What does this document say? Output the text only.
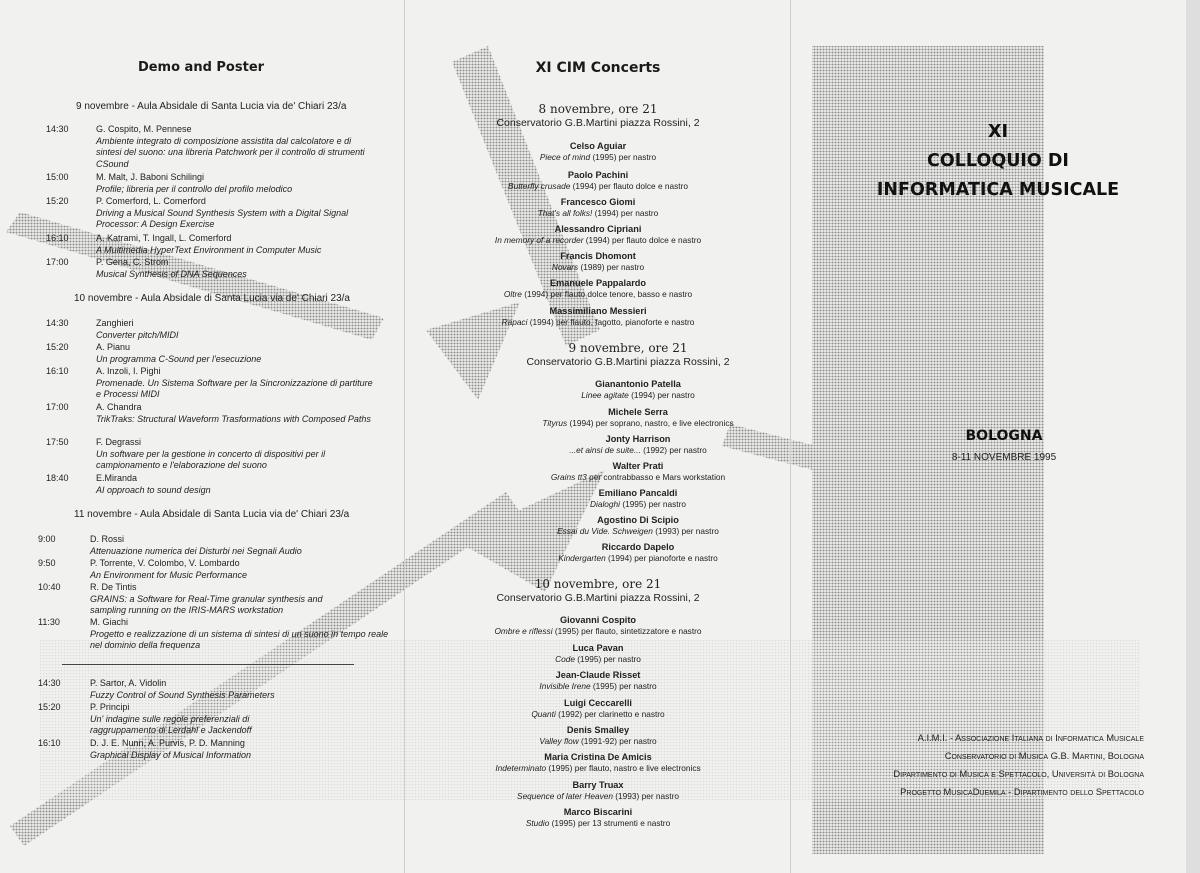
Demo and Poster

9 novembre - Aula Absidale di Santa Lucia via de' Chiari 23/a

14:30	G. Cospito, M. Pennese
Ambiente integrato di composizione assistita dal calcolatore e di sintesi del suono: una libreria Patchwork per il controllo di strumenti CSound
15:00	M. Malt, J. Baboni Schilingi
Profile; libreria per il controllo del profilo melodico
15:20	P. Comerford, L. Comerford
Driving a Musical Sound Synthesis System with a Digital Signal Processor: A Design Exercise
16:10	A. Katrami, T. Ingall, L. Comerford
A Multimedia HyperText Environment in Computer Music
17:00	P. Gena, C. Strom
Musical Synthesis of DNA Sequences

10 novembre - Aula Absidale di Santa Lucia via de' Chiari 23/a

14:30	Zanghieri
Converter pitch/MIDI
15:20	A. Pianu
Un programma C-Sound per l'esecuzione
16:10	A. Inzoli, I. Pighi
Promenade. Un Sistema Software per la Sincronizzazione di partiture e Processi MIDI
17:00	A. Chandra
TrikTraks: Structural Waveform Trasformations with Composed Paths
17:50	F. Degrassi
Un software per la gestione in concerto di dispositivi per il campionamento e l'elaborazione del suono
18:40	E.Miranda
AI opproach to sound design

11 novembre - Aula Absidale di Santa Lucia via de' Chiari 23/a

9:00	D. Rossi
Attenuazione numerica dei Disturbi nei Segnali Audio
9:50	P. Torrente, V. Colombo, V. Lombardo
An Environment for Music Performance
10:40	R. De Tintis
GRAINS: a Software for Real-Time granular synthesis and sampling running on the IRIS-MARS workstation
11:30	M. Giachi
Progetto e realizzazione di un sistema di sintesi di un suono in tempo reale nel dominio della frequenza
14:30	P. Sartor, A. Vidolin
Fuzzy Control of Sound Synthesis Parameters
15:20	P. Principi
Un' indagine sulle regole preferenziali di raggruppamento di Lerdahl e Jackendoff
16:10	D. J. E. Nunn, A. Purvis, P. D. Manning
Graphical Display of Musical Information
XI CIM Concerts
8 novembre, ore 21
Conservatorio G.B.Martini piazza Rossini, 2
Celso Aguiar
Piece of mind (1995) per nastro
Paolo Pachini
Butterfly crusade (1994) per flauto dolce e nastro
Francesco Giomi
That's all folks! (1994) per nastro
Alessandro Cipriani
In memory of a recorder (1994) per flauto dolce e nastro
Francis Dhomont
Novars (1989) per nastro
Emanuele Pappalardo
Oltre (1994) per flauto dolce tenore, basso e nastro
Massimiliano Messieri
Rapaci (1994) per flauto, fagotto, pianoforte e nastro
9 novembre, ore 21
Conservatorio G.B.Martini piazza Rossini, 2
Gianantonio Patella
Linee agitate (1994) per nastro
Michele Serra
Tityrus (1994) per soprano, nastro, e live electronics
Jonty Harrison
...et ainsi de suite... (1992) per nastro
Walter Prati
Grains tt3 per contrabbasso e Mars workstation
Emiliano Pancaldi
Dialoghi (1995) per nastro
Agostino Di Scipio
Essai du Vide. Schweigen (1993) per nastro
Riccardo Dapelo
Kindergarten (1994) per pianoforte e nastro
10 novembre, ore 21
Conservatorio G.B.Martini piazza Rossini, 2
Giovanni Cospito
Ombre e riflessi (1995) per flauto, sintetizzatore e nastro
Luca Pavan
Code (1995) per nastro
Jean-Claude Risset
Invisible Irene (1995) per nastro
Luigi Ceccarelli
Quanti (1992) per clarinetto e nastro
Denis Smalley
Valley flow (1991-92) per nastro
Maria Cristina De Amicis
Indeterminato (1995) per flauto, nastro e live electronics
Barry Truax
Sequence of later Heaven (1993) per nastro
Marco Biscarini
Studio (1995) per 13 strumenti e nastro
XI
COLLOQUIO DI
INFORMATICA MUSICALE
BOLOGNA
8-11 NOVEMBRE 1995
A.I.M.I. - Associazione Italiana di Informatica Musicale
Conservatorio di Musica G.B. Martini, Bologna
Dipartimento di Musica e Spettacolo, Università di Bologna
Progetto MusicaDuemila - Dipartimento dello Spettacolo
